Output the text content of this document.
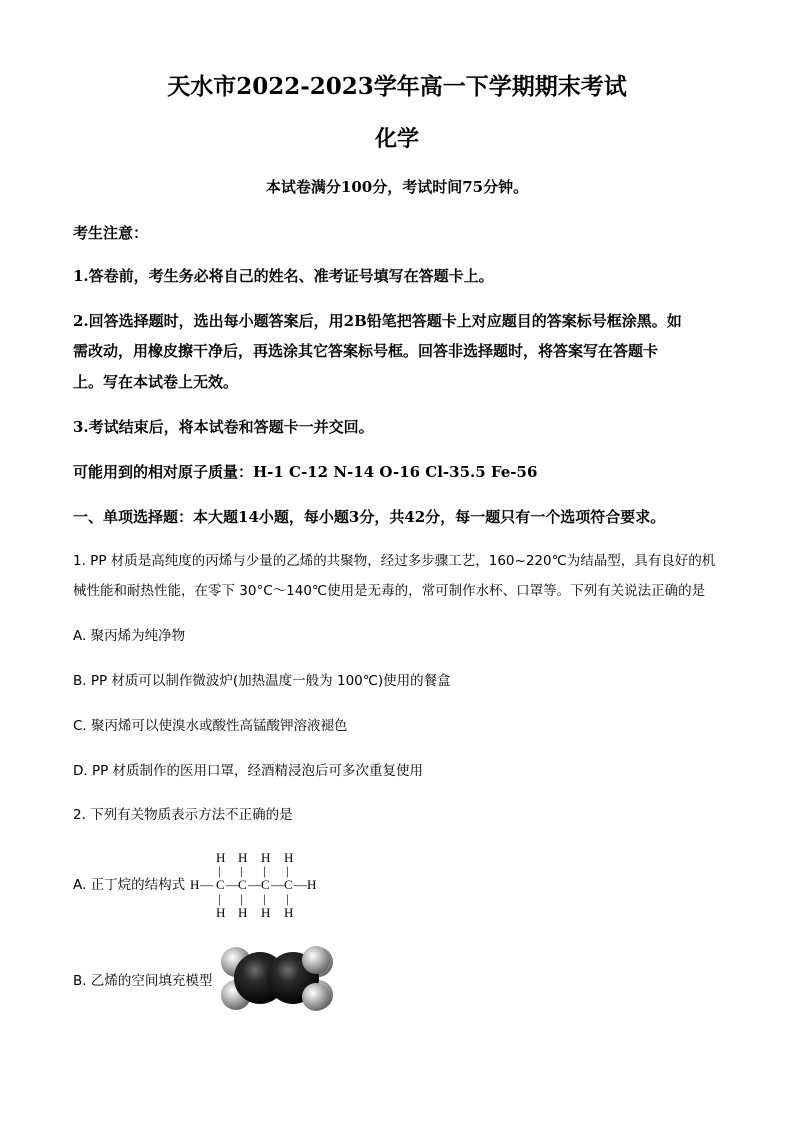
天水市2022-2023学年高一下学期期末考试
化学
本试卷满分100分，考试时间75分钟。
考生注意：
1.答卷前，考生务必将自己的姓名、准考证号填写在答题卡上。
2.回答选择题时，选出每小题答案后，用2B铅笔把答题卡上对应题目的答案标号框涂黑。如
需改动，用橡皮擦干净后，再选涂其它答案标号框。回答非选择题时，将答案写在答题卡
上。写在本试卷上无效。
3.考试结束后，将本试卷和答题卡一并交回。
可能用到的相对原子质量：H-1 C-12 N-14 O-16 Cl-35.5 Fe-56
一、单项选择题：本大题14小题，每小题3分，共42分，每一题只有一个选项符合要求。
1. PP 材质是高纯度的丙烯与少量的乙烯的共聚物，经过多步骤工艺，160~220℃为结晶型，具有良好的机
械性能和耐热性能，在零下 30°C～140℃使用是无毒的，常可制作水杯、口罩等。下列有关说法正确的是
A. 聚丙烯为纯净物
B. PP 材质可以制作微波炉(加热温度一般为 100℃)使用的餐盒
C. 聚丙烯可以使溴水或酸性高锰酸钾溶液褪色
D. PP 材质制作的医用口罩，经酒精浸泡后可多次重复使用
2. 下列有关物质表示方法不正确的是
A. 正丁烷的结构式
H H H H
| | | |
H — C — C — C — C — H
| | | |
H H H H
B. 乙烯的空间填充模型
